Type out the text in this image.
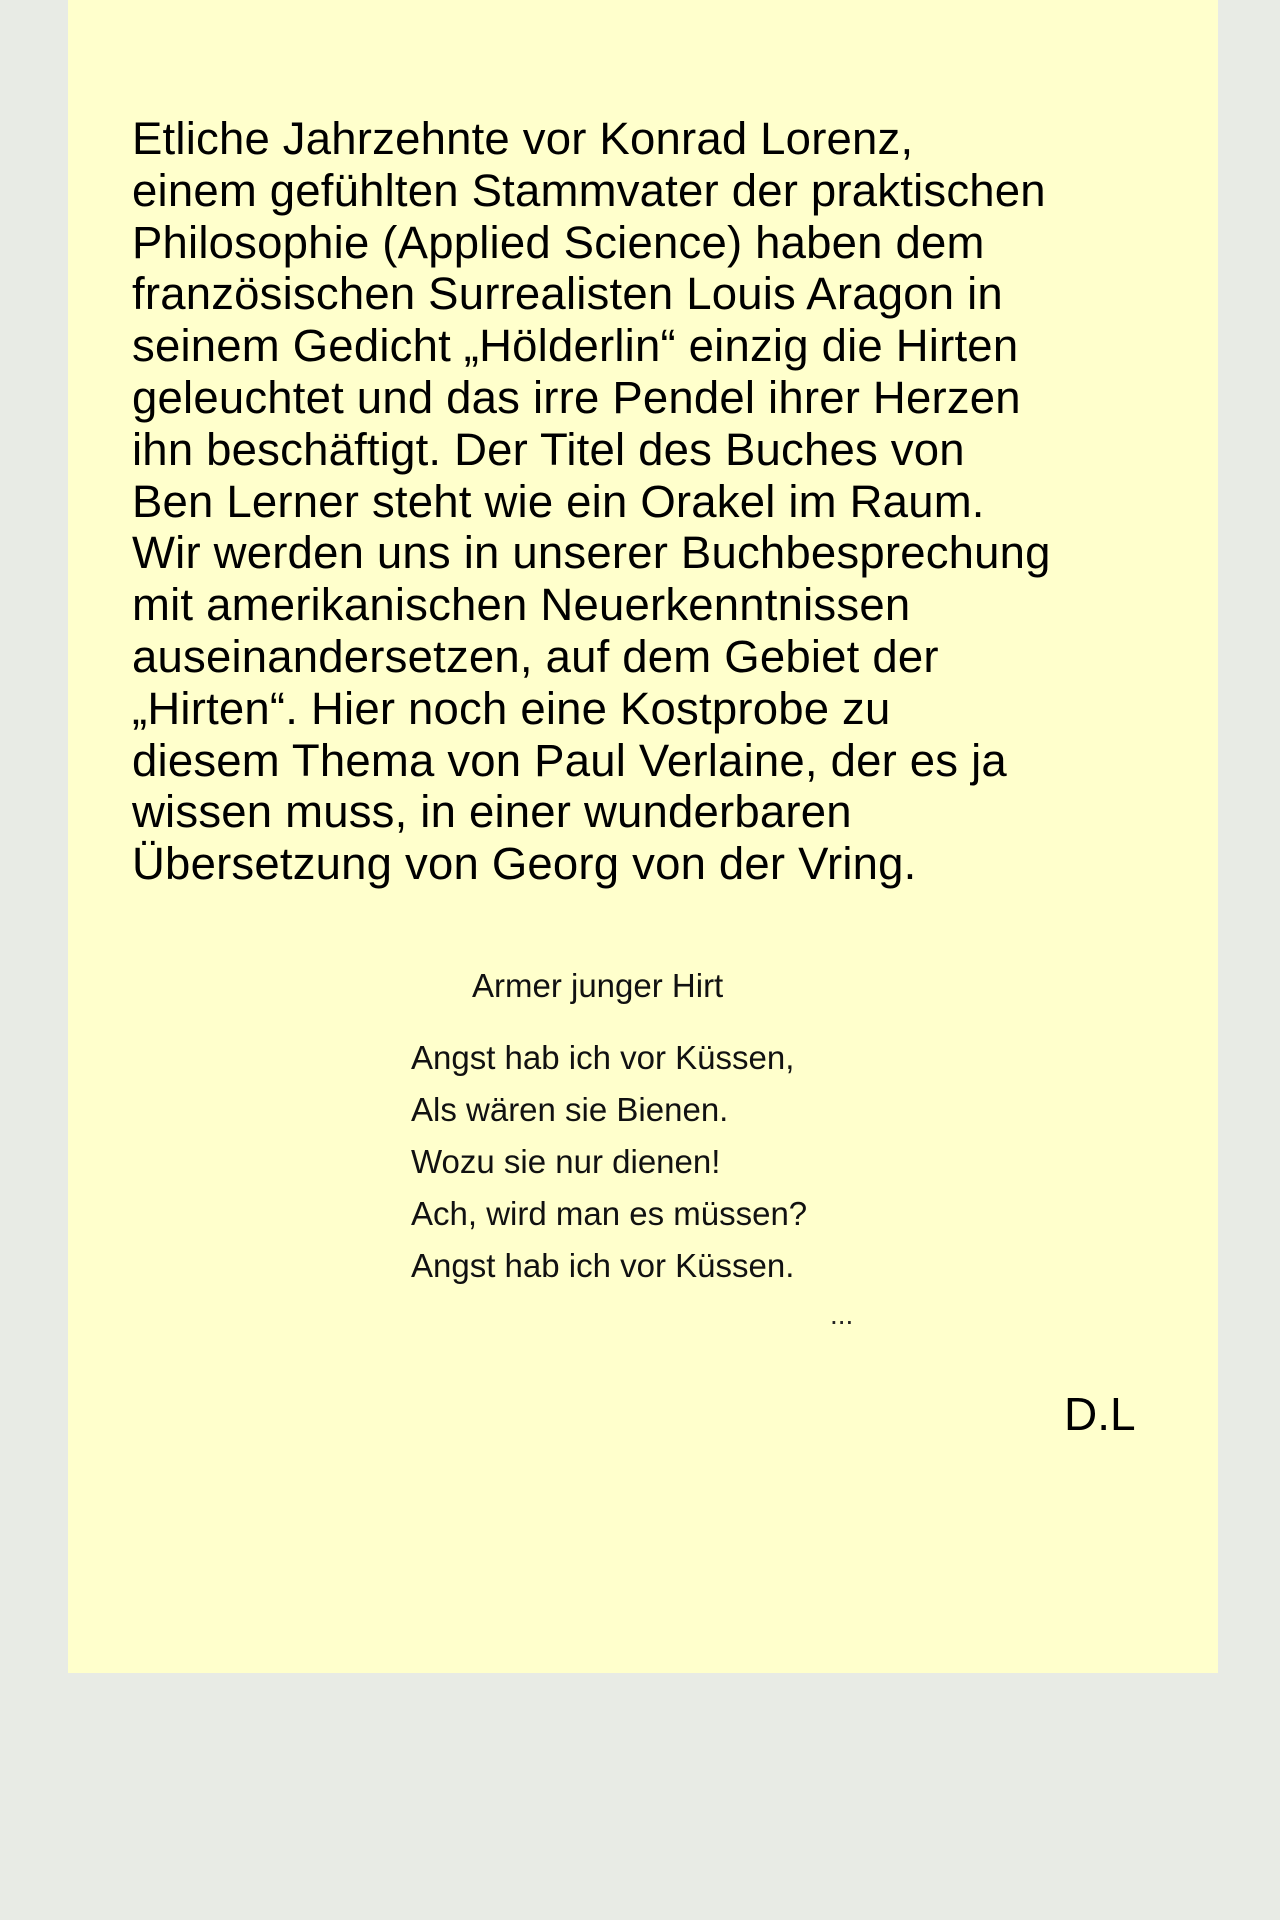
Etliche Jahrzehnte vor Konrad Lorenz,
einem gefühlten Stammvater der praktischen
Philosophie (Applied Science) haben dem
französischen Surrealisten Louis Aragon in
seinem Gedicht „Hölderlin“ einzig die Hirten
geleuchtet und das irre Pendel ihrer Herzen
ihn beschäftigt. Der Titel des Buches von
Ben Lerner steht wie ein Orakel im Raum.
Wir werden uns in unserer Buchbesprechung
mit amerikanischen Neuerkenntnissen
auseinandersetzen, auf dem Gebiet der
„Hirten“. Hier noch eine Kostprobe zu
diesem Thema von Paul Verlaine, der es ja
wissen muss, in einer wunderbaren
Übersetzung von Georg von der Vring.

Armer junger Hirt
Angst hab ich vor Küssen,
Als wären sie Bienen.
Wozu sie nur dienen!
Ach, wird man es müssen?
Angst hab ich vor Küssen.
...
D.L
